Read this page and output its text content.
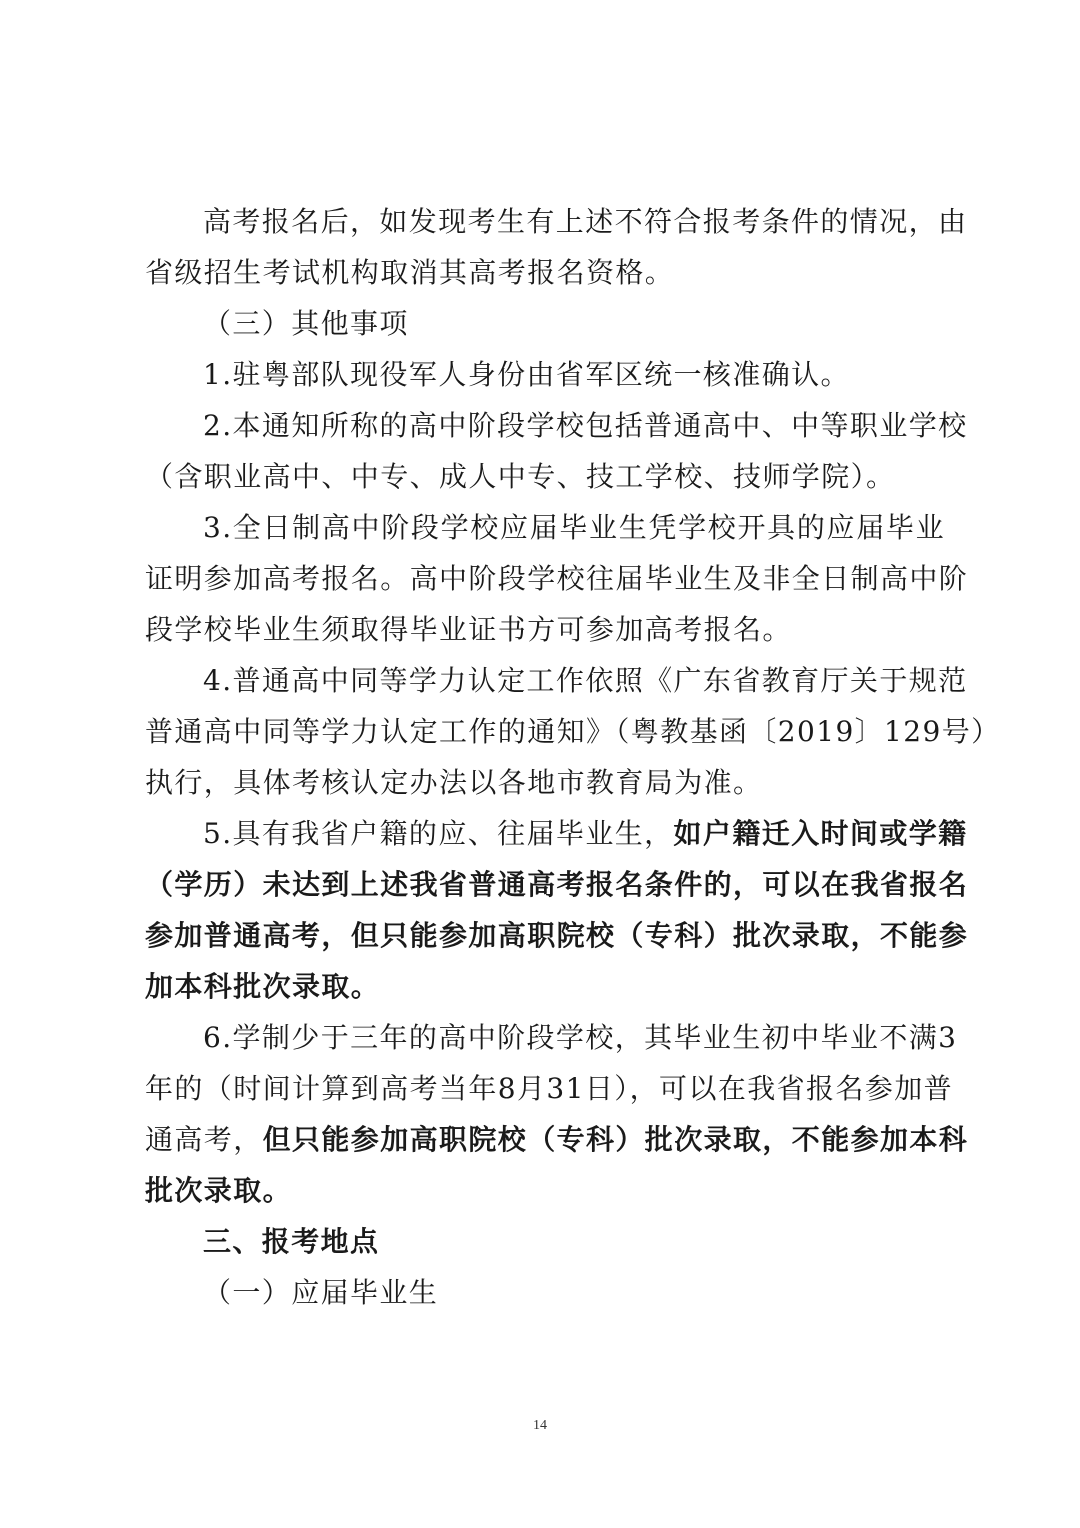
高考报名后，如发现考生有上述不符合报考条件的情况，由
省级招生考试机构取消其高考报名资格。
（三）其他事项
1.驻粤部队现役军人身份由省军区统一核准确认。
2.本通知所称的高中阶段学校包括普通高中、中等职业学校
（含职业高中、中专、成人中专、技工学校、技师学院）。
3.全日制高中阶段学校应届毕业生凭学校开具的应届毕业
证明参加高考报名。高中阶段学校往届毕业生及非全日制高中阶
段学校毕业生须取得毕业证书方可参加高考报名。
4.普通高中同等学力认定工作依照《广东省教育厅关于规范
普通高中同等学力认定工作的通知》（粤教基函〔2019〕129号）
执行，具体考核认定办法以各地市教育局为准。
5.具有我省户籍的应、往届毕业生，如户籍迁入时间或学籍
（学历）未达到上述我省普通高考报名条件的，可以在我省报名
参加普通高考，但只能参加高职院校（专科）批次录取，不能参
加本科批次录取。
6.学制少于三年的高中阶段学校，其毕业生初中毕业不满3
年的（时间计算到高考当年8月31日），可以在我省报名参加普
通高考，但只能参加高职院校（专科）批次录取，不能参加本科
批次录取。
三、报考地点
（一）应届毕业生
14
